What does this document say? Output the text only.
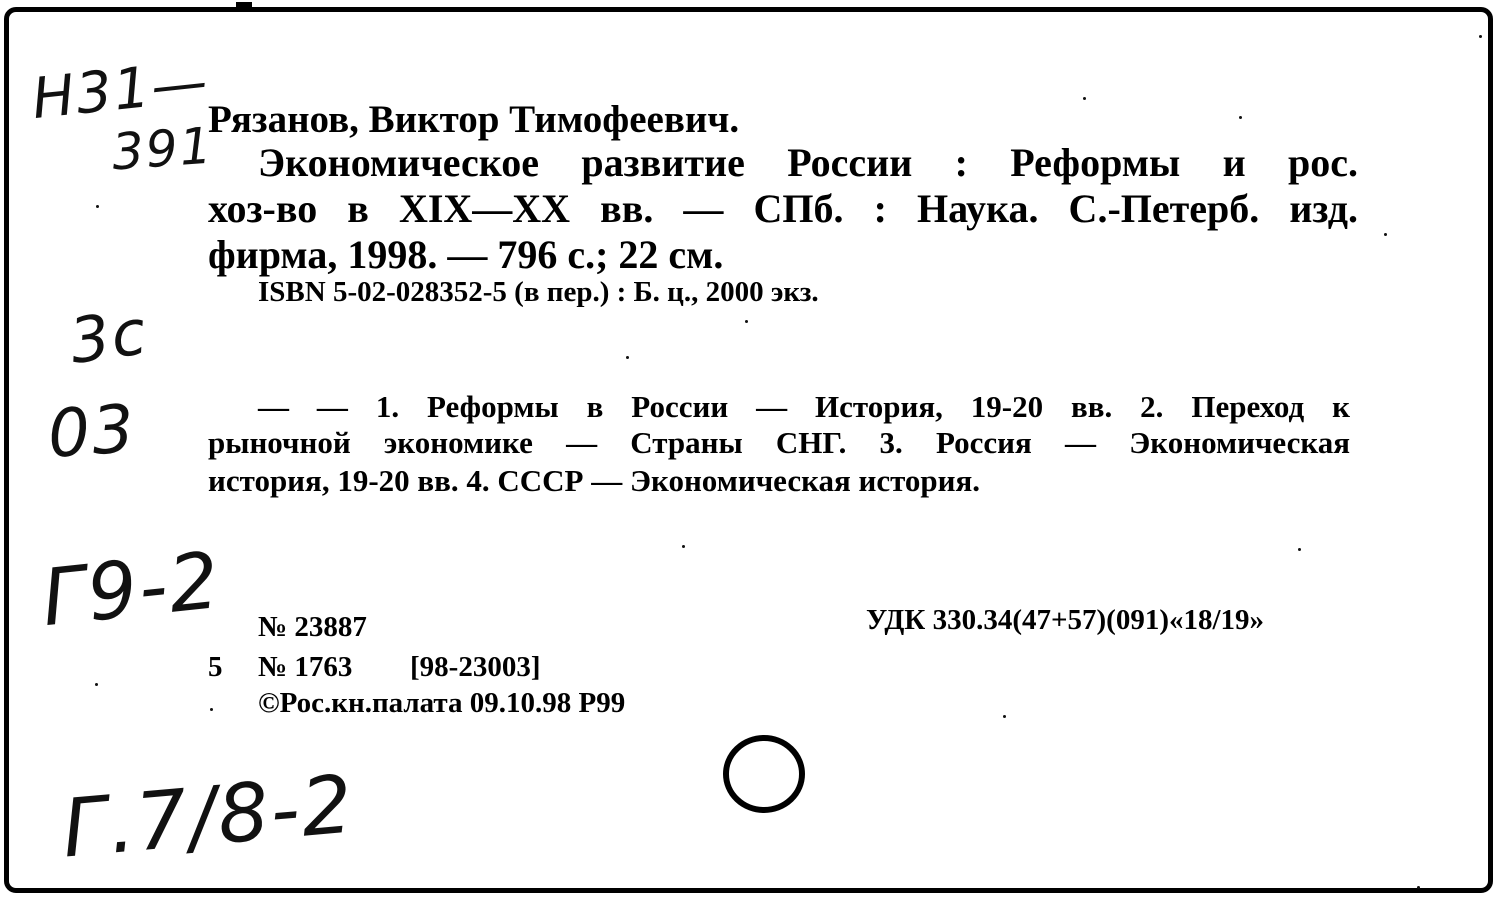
Рязанов, Виктор Тимофеевич.
Экономическое развитие России : Реформы и рос.
хоз-во в XIX—XX вв. — СПб. : Наука. С.-Петерб. изд.
фирма, 1998. — 796 с.; 22 см.
ISBN 5-02-028352-5 (в пер.) : Б. ц., 2000 экз.
— — 1. Реформы в России — История, 19-20 вв. 2. Переход к
рыночной экономике — Страны СНГ. 3. Россия — Экономическая
история, 19-20 вв. 4. СССР — Экономическая история.
№ 23887	УДК 330.34(47+57)(091)«18/19»
5 № 1763 [98-23003]
©Рос.кн.палата 09.10.98 Р99
Н31—
391
3с
03
Г9-2
Г.7/8-2
